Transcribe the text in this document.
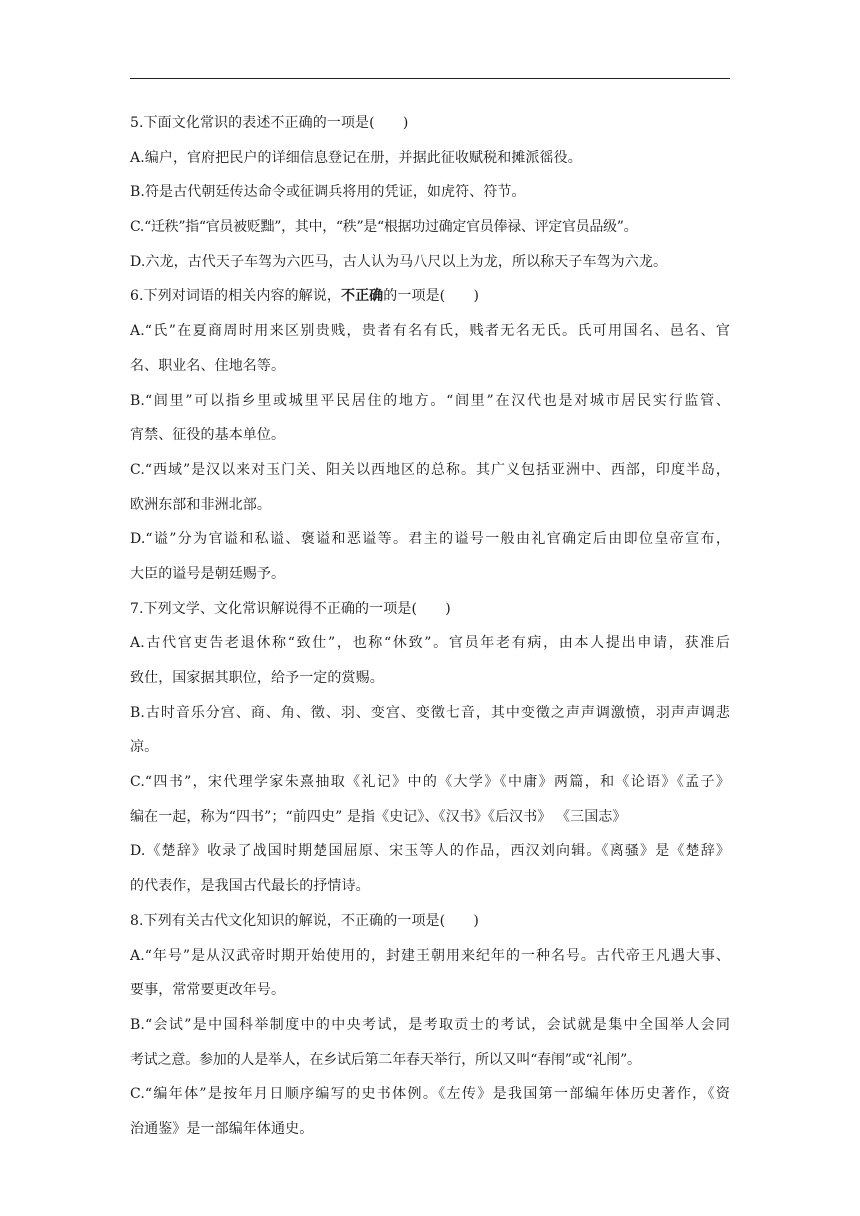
5.下面文化常识的表述不正确的一项是(　　)
A.编户，官府把民户的详细信息登记在册，并据此征收赋税和摊派徭役。
B.符是古代朝廷传达命令或征调兵将用的凭证，如虎符、符节。
C.“迁秩”指“官员被贬黜”，其中，“秩”是“根据功过确定官员俸禄、评定官员品级”。
D.六龙，古代天子车驾为六匹马，古人认为马八尺以上为龙，所以称天子车驾为六龙。
6.下列对词语的相关内容的解说，不正确的一项是(　　)
A.“氏”在夏商周时用来区别贵贱，贵者有名有氏，贱者无名无氏。氏可用国名、邑名、官
名、职业名、住地名等。
B.“闾里”可以指乡里或城里平民居住的地方。“闾里”在汉代也是对城市居民实行监管、
宵禁、征役的基本单位。
C.“西域”是汉以来对玉门关、阳关以西地区的总称。其广义包括亚洲中、西部，印度半岛，
欧洲东部和非洲北部。
D.“谥”分为官谥和私谥、褒谥和恶谥等。君主的谥号一般由礼官确定后由即位皇帝宣布，
大臣的谥号是朝廷赐予。
7.下列文学、文化常识解说得不正确的一项是(　　)
A.古代官吏告老退休称“致仕”，也称“休致”。官员年老有病，由本人提出申请，获准后
致仕，国家据其职位，给予一定的赏赐。
B.古时音乐分宫、商、角、徵、羽、变宫、变徵七音，其中变徵之声声调激愤，羽声声调悲
凉。
C.“四书”，宋代理学家朱熹抽取《礼记》中的《大学》《中庸》两篇，和《论语》《孟子》
编在一起，称为“四书”；“前四史” 是指《史记》、《汉书》《后汉书》 《三国志》
D.《楚辞》收录了战国时期楚国屈原、宋玉等人的作品，西汉刘向辑。《离骚》是《楚辞》
的代表作，是我国古代最长的抒情诗。
8.下列有关古代文化知识的解说，不正确的一项是(　　)
A.“年号”是从汉武帝时期开始使用的，封建王朝用来纪年的一种名号。古代帝王凡遇大事、
要事，常常要更改年号。
B.“会试”是中国科举制度中的中央考试，是考取贡士的考试，会试就是集中全国举人会同
考试之意。参加的人是举人，在乡试后第二年春天举行，所以又叫“春闱”或“礼闱”。
C.“编年体”是按年月日顺序编写的史书体例。《左传》是我国第一部编年体历史著作，《资
治通鉴》是一部编年体通史。
